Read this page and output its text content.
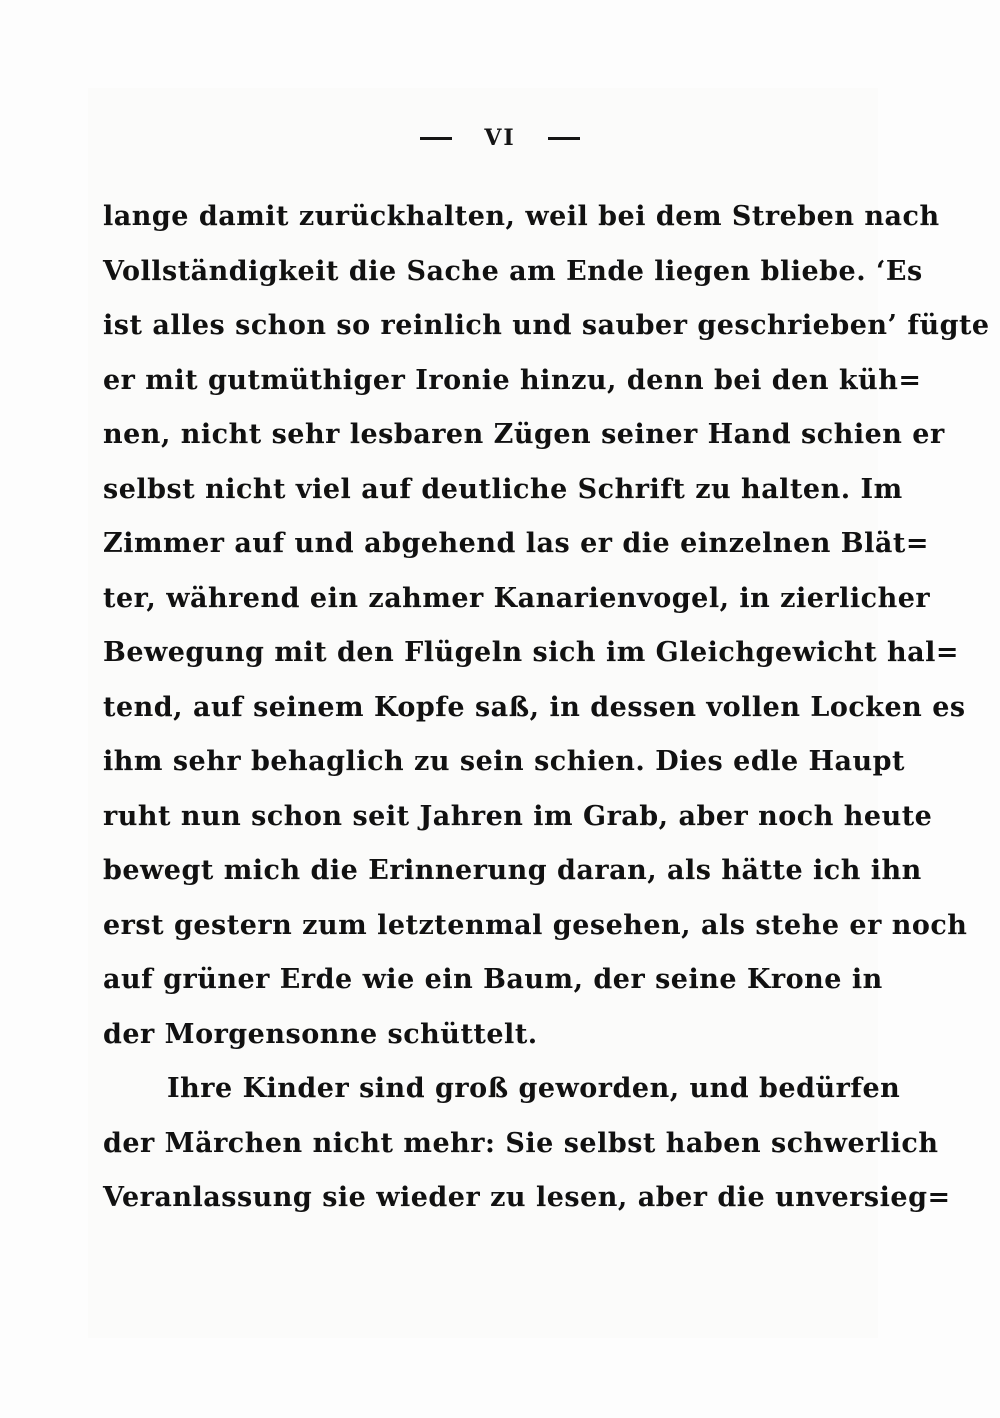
VI
lange damit zurückhalten, weil bei dem Streben nach
Vollständigkeit die Sache am Ende liegen bliebe. ‘Es
ist alles schon so reinlich und sauber geschrieben’ fügte
er mit gutmüthiger Ironie hinzu, denn bei den küh=
nen, nicht sehr lesbaren Zügen seiner Hand schien er
selbst nicht viel auf deutliche Schrift zu halten. Im
Zimmer auf und abgehend las er die einzelnen Blät=
ter, während ein zahmer Kanarienvogel, in zierlicher
Bewegung mit den Flügeln sich im Gleichgewicht hal=
tend, auf seinem Kopfe saß, in dessen vollen Locken es
ihm sehr behaglich zu sein schien. Dies edle Haupt
ruht nun schon seit Jahren im Grab, aber noch heute
bewegt mich die Erinnerung daran, als hätte ich ihn
erst gestern zum letztenmal gesehen, als stehe er noch
auf grüner Erde wie ein Baum, der seine Krone in
der Morgensonne schüttelt.
Ihre Kinder sind groß geworden, und bedürfen
der Märchen nicht mehr: Sie selbst haben schwerlich
Veranlassung sie wieder zu lesen, aber die unversieg=
